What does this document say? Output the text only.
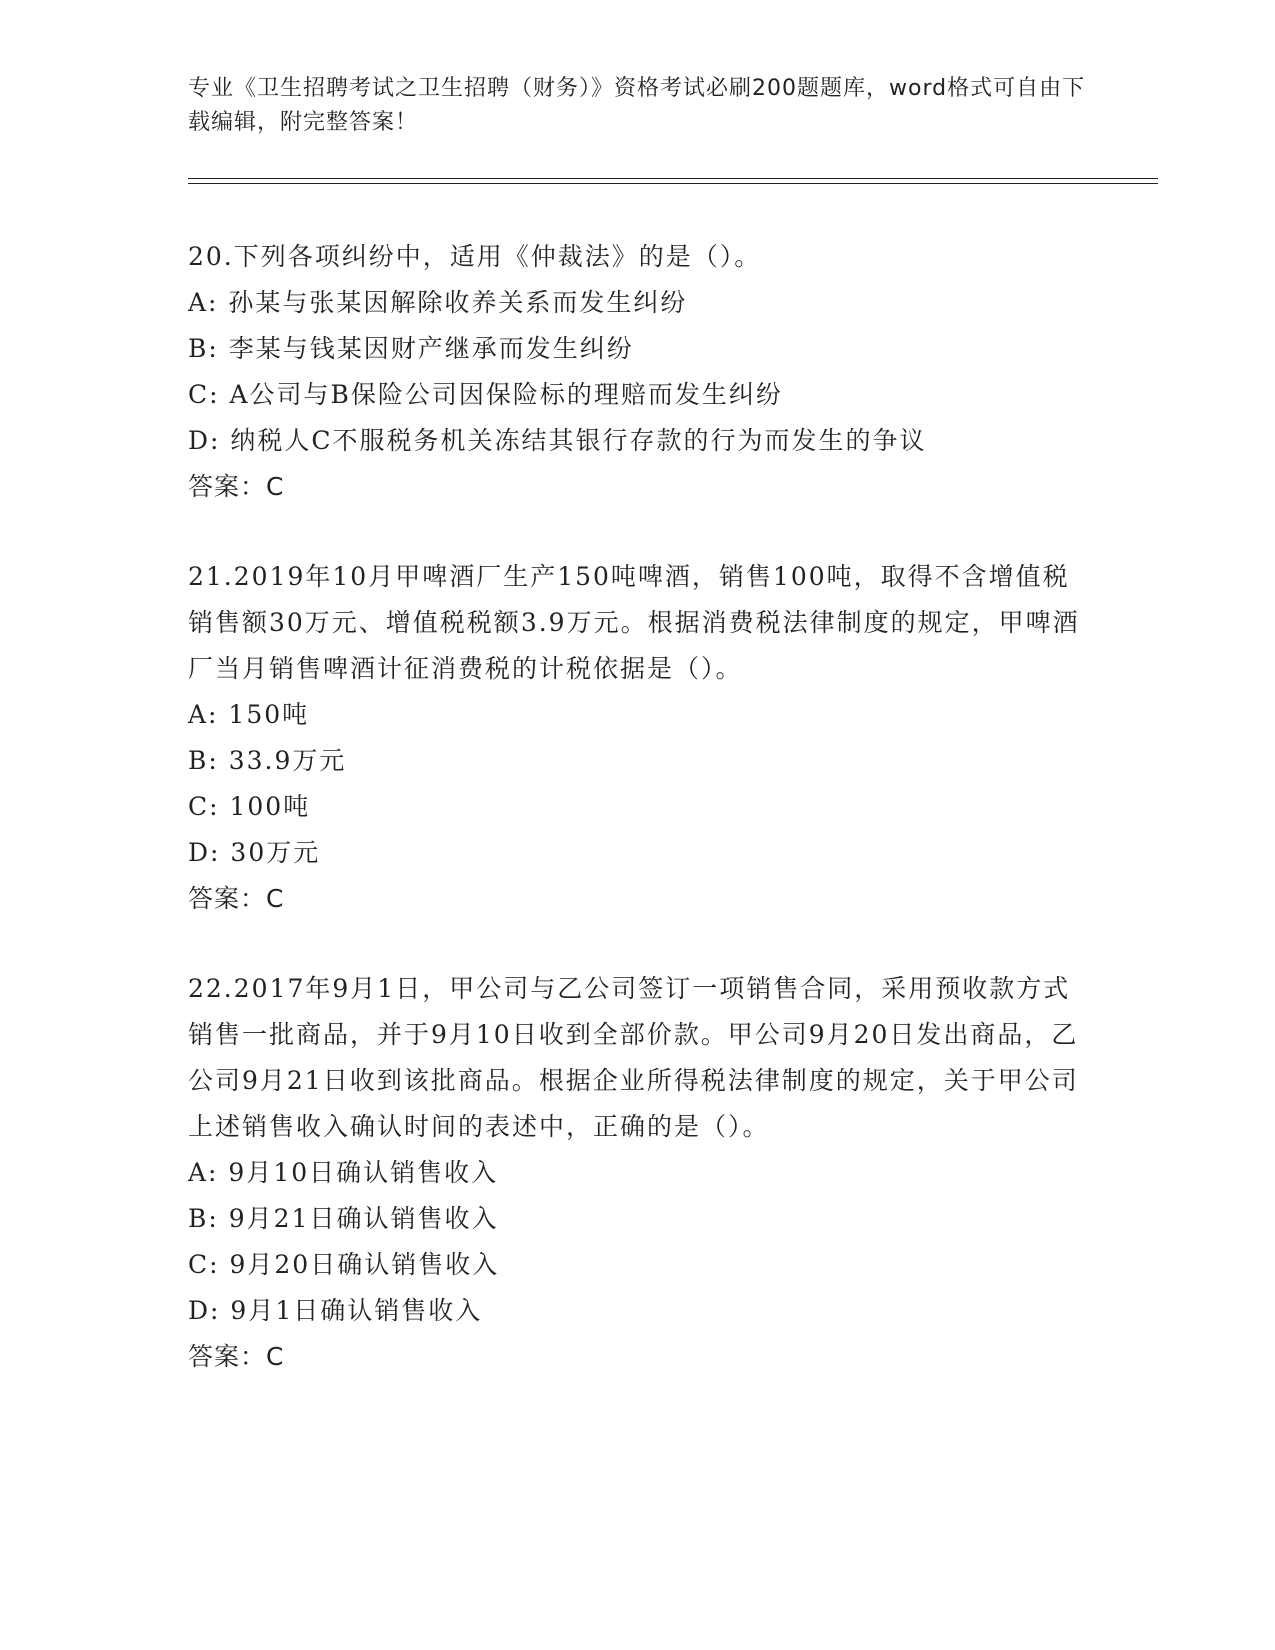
专业《卫生招聘考试之卫生招聘（财务）》资格考试必刷200题题库，word格式可自由下载编辑，附完整答案！

20.下列各项纠纷中，适用《仲裁法》的是（）。

A: 孙某与张某因解除收养关系而发生纠纷

B: 李某与钱某因财产继承而发生纠纷

C: A公司与B保险公司因保险标的理赔而发生纠纷

D: 纳税人C不服税务机关冻结其银行存款的行为而发生的争议

答案：C

21.2019年10月甲啤酒厂生产150吨啤酒，销售100吨，取得不含增值税销售额30万元、增值税税额3.9万元。根据消费税法律制度的规定，甲啤酒厂当月销售啤酒计征消费税的计税依据是（）。

A: 150吨

B: 33.9万元

C: 100吨

D: 30万元

答案：C

22.2017年9月1日，甲公司与乙公司签订一项销售合同，采用预收款方式销售一批商品，并于9月10日收到全部价款。甲公司9月20日发出商品，乙公司9月21日收到该批商品。根据企业所得税法律制度的规定，关于甲公司上述销售收入确认时间的表述中，正确的是（）。

A: 9月10日确认销售收入

B: 9月21日确认销售收入

C: 9月20日确认销售收入

D: 9月1日确认销售收入

答案：C
